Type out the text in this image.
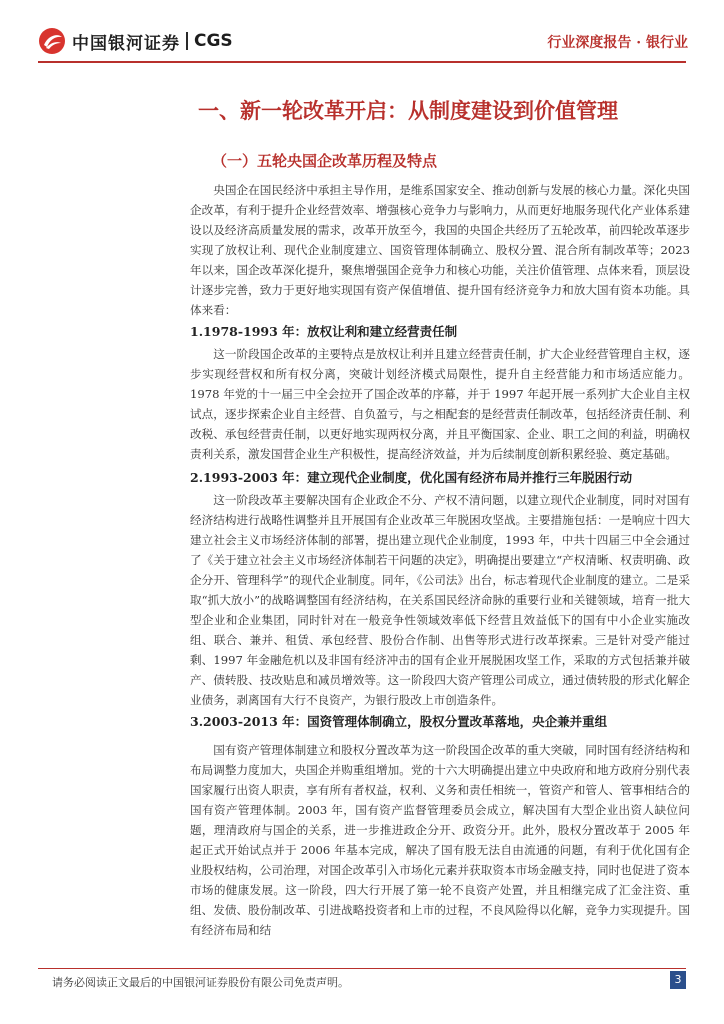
中国银河证券 CGS	行业深度报告 · 银行业
一、新一轮改革开启：从制度建设到价值管理
（一）五轮央国企改革历程及特点

央国企在国民经济中承担主导作用，是维系国家安全、推动创新与发展的核心力量。深化央国企改革，有利于提升企业经营效率、增强核心竞争力与影响力，从而更好地服务现代化产业体系建设以及经济高质量发展的需求，改革开放至今，我国的央国企共经历了五轮改革，前四轮改革逐步实现了放权让利、现代企业制度建立、国资管理体制确立、股权分置、混合所有制改革等；2023 年以来，国企改革深化提升，聚焦增强国企竞争力和核心功能，关注价值管理、点体来看，顶层设计逐步完善，致力于更好地实现国有资产保值增值、提升国有经济竞争力和放大国有资本功能。具体来看：

1.1978-1993 年：放权让利和建立经营责任制

这一阶段国企改革的主要特点是放权让利并且建立经营责任制，扩大企业经营管理自主权，逐步实现经营权和所有权分离，突破计划经济模式局限性，提升自主经营能力和市场适应能力。1978 年党的十一届三中全会拉开了国企改革的序幕，并于 1997 年起开展一系列扩大企业自主权试点，逐步探索企业自主经营、自负盈亏，与之相配套的是经营责任制改革，包括经济责任制、利改税、承包经营责任制，以更好地实现两权分离，并且平衡国家、企业、职工之间的利益，明确权责利关系，激发国营企业生产积极性，提高经济效益，并为后续制度创新积累经验、奠定基础。

2.1993-2003 年：建立现代企业制度，优化国有经济布局并推行三年脱困行动

这一阶段改革主要解决国有企业政企不分、产权不清问题，以建立现代企业制度，同时对国有经济结构进行战略性调整并且开展国有企业改革三年脱困攻坚战。主要措施包括：一是响应十四大建立社会主义市场经济体制的部署，提出建立现代企业制度，1993 年，中共十四届三中全会通过了《关于建立社会主义市场经济体制若干问题的决定》，明确提出要建立“产权清晰、权责明确、政企分开、管理科学”的现代企业制度。同年，《公司法》出台，标志着现代企业制度的建立。二是采取“抓大放小”的战略调整国有经济结构，在关系国民经济命脉的重要行业和关键领域，培育一批大型企业和企业集团，同时针对在一般竞争性领域效率低下经营且效益低下的国有中小企业实施改组、联合、兼并、租赁、承包经营、股份合作制、出售等形式进行改革探索。三是针对受产能过剩、1997 年金融危机以及非国有经济冲击的国有企业开展脱困攻坚工作，采取的方式包括兼并破产、债转股、技改贴息和减员增效等。这一阶段四大资产管理公司成立，通过债转股的形式化解企业债务，剥离国有大行不良资产，为银行股改上市创造条件。

3.2003-2013 年：国资管理体制确立，股权分置改革落地，央企兼并重组

国有资产管理体制建立和股权分置改革为这一阶段国企改革的重大突破，同时国有经济结构和布局调整力度加大，央国企并购重组增加。党的十六大明确提出建立中央政府和地方政府分别代表国家履行出资人职责，享有所有者权益，权利、义务和责任相统一，管资产和管人、管事相结合的国有资产管理体制。2003 年，国有资产监督管理委员会成立，解决国有大型企业出资人缺位问题，理清政府与国企的关系，进一步推进政企分开、政资分开。此外，股权分置改革于 2005 年起正式开始试点并于 2006 年基本完成，解决了国有股无法自由流通的问题，有利于优化国有企业股权结构，公司治理，对国企改革引入市场化元素并获取资本市场金融支持，同时也促进了资本市场的健康发展。这一阶段，四大行开展了第一轮不良资产处置，并且相继完成了汇金注资、重组、发债、股份制改革、引进战略投资者和上市的过程，不良风险得以化解，竞争力实现提升。国有经济布局和结

请务必阅读正文最后的中国银河证券股份有限公司免责声明。	3
